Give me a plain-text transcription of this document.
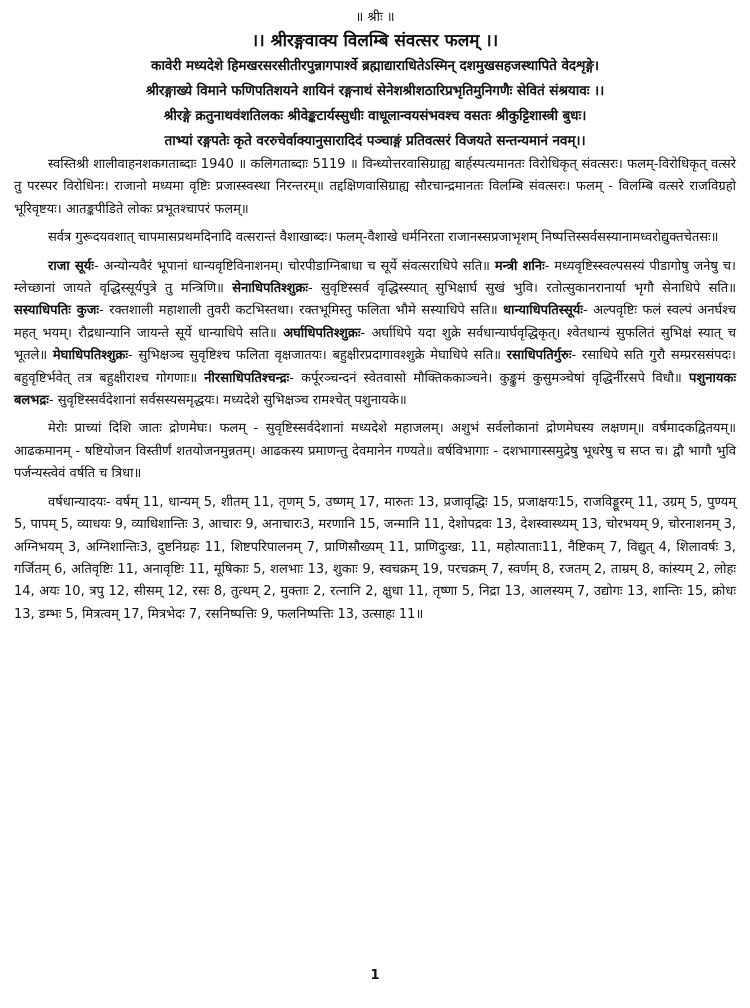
॥ श्रीः ॥
।। श्रीरङ्गवाक्य विलम्बि संवत्सर फलम् ।।
कावेरी मध्यदेशे हिमखरसरसीतीरपुन्नागपार्श्वे ब्रह्माद्याराधितेऽस्मिन् दशमुखसहजस्थापिते वेदशृङ्गे।
श्रीरङ्गाख्ये विमाने फणिपतिशयने शायिनं रङ्गनाथं सेनेशश्रीशठारिप्रभृतिमुनिगणैः सेवितं संश्रयावः ।।
श्रीरङ्गे क्रतुनाथवंशतिलकः श्रीवेङ्कटार्यस्सुधीः वाधूलान्वयसंभवश्च वसतः श्रीकुट्टिशास्त्री बुधः।
ताभ्यां रङ्गपतेः कृते वररुचेर्वाक्यानुसारादिदं पञ्चाङ्गं प्रतिवत्सरं विजयते सन्तन्यमानं नवम्।।

स्वस्तिश्री शालीवाहनशकगताब्दाः 1940 ॥ कलिगताब्दाः 5119 ॥ विन्ध्योत्तरवासिग्राह्य बार्हस्पत्यमानतः विरोधिकृत् संवत्सरः। फलम्-विरोधिकृत् वत्सरे तु परस्पर विरोधिनः। राजानो मध्यमा वृष्टिः प्रजास्स्वस्था निरन्तरम्॥ तद्दक्षिणवासिग्राह्य सौरचान्द्रमानतः विलम्बि संवत्सरः। फलम् - विलम्बि वत्सरे राजविग्रहो भूरिवृष्टयः। आतङ्कपीडिते लोकः प्रभूतश्चापरं फलम्॥

सर्वत्र गुरूदयवशात् चापमासप्रथमदिनादि वत्सरान्तं वैशाखाब्दः। फलम्-वैशाखे धर्मनिरता राजानस्सप्रजाभृशम् निष्पत्तिस्सर्वसस्यानामध्वरोद्युक्तचेतसः॥

राजा सूर्यः- अन्योन्यवैरं भूपानां धान्यवृष्टिविनाशनम्। चोरपीडाग्निबाधा च सूर्ये संवत्सराधिपे सति॥ मन्त्री शनिः- मध्यवृष्टिस्स्वल्पसस्यं पीडागोषु जनेषु च। म्लेच्छानां जायते वृद्धिस्सूर्यपुत्रे तु मन्त्रिणि॥ सेनाधिपतिश्शुक्रः- सुवृष्टिस्सर्व वृद्धिस्स्यात् सुभिक्षार्घ सुखं भुवि। रतोत्सुकानरानार्या भृगौ सेनाधिपे सति॥ सस्याधिपतिः कुजः- रक्तशाली महाशाली तुवरी कटभिस्तथा। रक्तभूमिस्तु फलिता भौमे सस्याधिपे सति॥ धान्याधिपतिस्सूर्यः- अल्पवृष्टिः फलं स्वल्पं अनर्घश्च महत् भयम्। रौद्रधान्यानि जायन्ते सूर्ये धान्याधिपे सति॥ अर्घाधिपतिश्शुक्रः- अर्घाधिपे यदा शुक्रे सर्वधान्यार्घवृद्धिकृत्। श्वेतधान्यं सुफलितं सुभिक्षं स्यात् च भूतले॥ मेघाधिपतिश्शुक्रः- सुभिक्षञ्च सुवृष्टिश्च फलिता वृक्षजातयः। बहुक्षीरप्रदागावश्शुक्रे मेघाधिपे सति॥ रसाधिपतिर्गुरुः- रसाधिपे सति गुरौ सम्प्ररससंपदः। बहुवृष्टिर्भवेत् तत्र बहुक्षीराश्च गोगणाः॥ नीरसाधिपतिश्चन्द्रः- कर्पूरञ्चन्दनं स्वेतवासो मौक्तिककाञ्चने। कुङ्कुमं कुसुमञ्चेषां वृद्धिर्नीरसपे विधौ॥ पशुनायकः बलभद्रः- सुवृष्टिस्सर्वदेशानां सर्वसस्यसमृद्धयः। मध्यदेशे सुभिक्षञ्च रामश्चेत् पशुनायके॥

मेरोः प्राच्यां दिशि जातः द्रोणमेघः। फलम् - सुवृष्टिस्सर्वदेशानां मध्यदेशे महाजलम्। अशुभं सर्वलोकानां द्रोणमेघस्य लक्षणम्॥ वर्षमादकद्वितयम्॥ आढकमानम् - षष्टियोजन विस्तीर्णं शतयोजनमुन्नतम्। आढकस्य प्रमाणन्तु देवमानेन गण्यते॥ वर्षविभागाः - दशभागास्समुद्रेषु भूधरेषु च सप्त च। द्वौ भागौ भुवि पर्जन्यस्त्वेवं वर्षति च त्रिधा॥

वर्षधान्यादयः- वर्षम् 11, धान्यम् 5, शीतम् 11, तृणम् 5, उष्णम् 17, मारुतः 13, प्रजावृद्धिः 15, प्रजाक्षयः15, राजविड्डूरम् 11, उग्रम् 5, पुण्यम् 5, पापम् 5, व्याधयः 9, व्याधिशान्तिः 3, आचारः 9, अनाचारः3, मरणानि 15, जन्मानि 11, देशोपद्रवः 13, देशस्वास्थ्यम् 13, चोरभयम् 9, चोरनाशनम् 3, अग्निभयम् 3, अग्निशान्तिः3, दुष्टनिग्रहः 11, शिष्टपरिपालनम् 7, प्राणिसौख्यम् 11, प्राणिदुःखः, 11, महोत्पाताः11, नैष्टिकम् 7, विद्युत् 4, शिलावर्षः 3, गर्जितम् 6, अतिवृष्टिः 11, अनावृष्टिः 11, मूषिकाः 5, शलभाः 13, शुकाः 9, स्वचक्रम् 19, परचक्रम् 7, स्वर्णम् 8, रजतम् 2, ताम्रम् 8, कांस्यम् 2, लोहः 14, अयः 10, त्रपु 12, सीसम् 12, रसः 8, तुत्थम् 2, मुक्ताः 2, रत्नानि 2, क्षुधा 11, तृष्णा 5, निद्रा 13, आलस्यम् 7, उद्योगः 13, शान्तिः 15, क्रोधः 13, डम्भः 5, मित्रत्वम् 17, मित्रभेदः 7, रसनिष्पत्तिः 9, फलनिष्पत्तिः 13, उत्साहः 11॥

1
